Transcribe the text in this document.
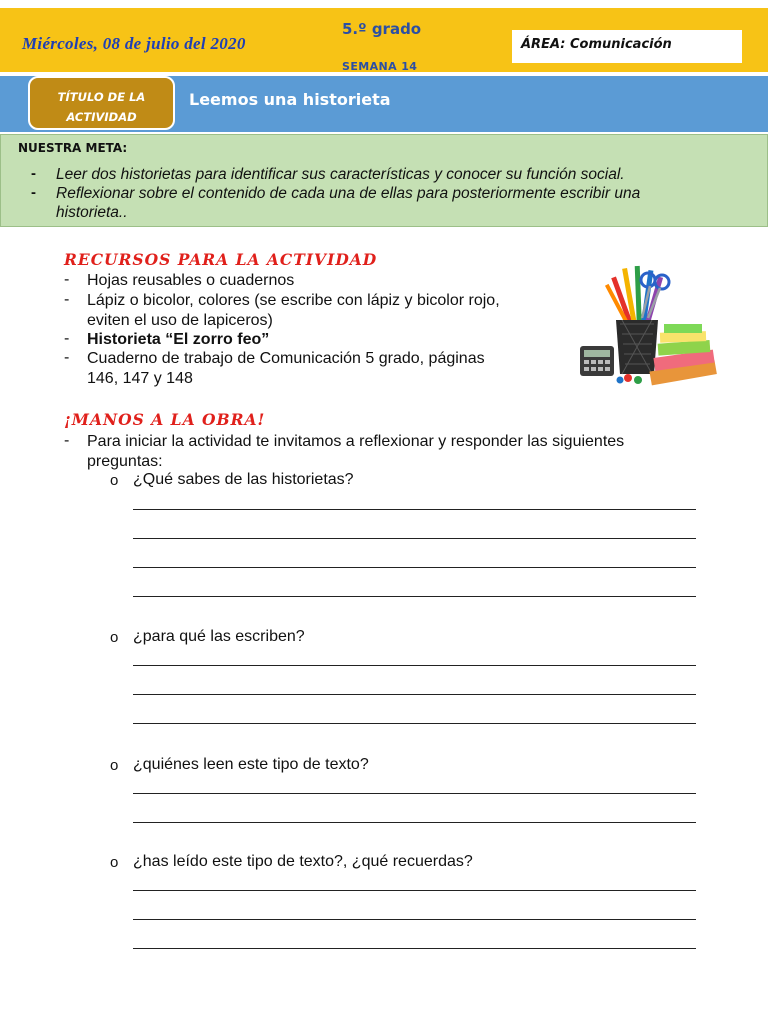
Miércoles, 08 de julio del 2020
5.º grado
SEMANA 14
ÁREA: Comunicación
TÍTULO DE LA
ACTIVIDAD
Leemos una historieta
NUESTRA META:
- Leer dos historietas para identificar sus características y conocer su función social.
- Reflexionar sobre el contenido de cada una de ellas para posteriormente escribir una
historieta..
RECURSOS PARA LA ACTIVIDAD
- Hojas reusables o cuadernos
- Lápiz o bicolor, colores (se escribe con lápiz y bicolor rojo,
eviten el uso de lapiceros)
- Historieta “El zorro feo”
- Cuaderno de trabajo de Comunicación 5 grado, páginas
146, 147 y 148
¡MANOS A LA OBRA!
- Para iniciar la actividad te invitamos a reflexionar y responder las siguientes
preguntas:
o ¿Qué sabes de las historietas?
o ¿para qué las escriben?
o ¿quiénes leen este tipo de texto?
o ¿has leído este tipo de texto?, ¿qué recuerdas?
